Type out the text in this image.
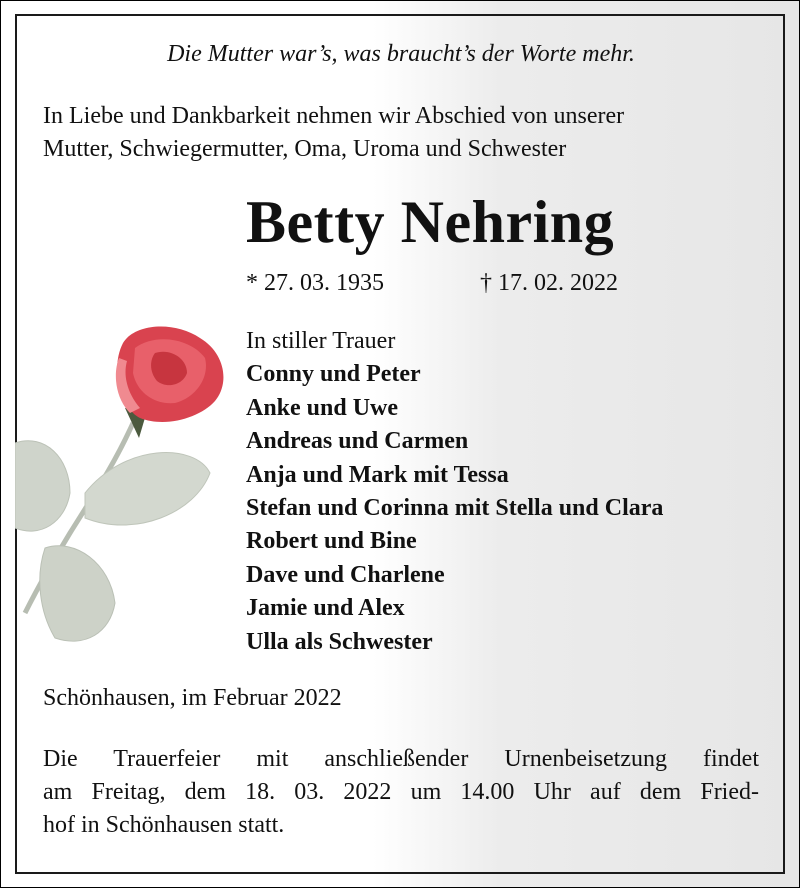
Die Mutter war’s, was braucht’s der Worte mehr.
In Liebe und Dankbarkeit nehmen wir Abschied von unserer
Mutter, Schwiegermutter, Oma, Uroma und Schwester
Betty Nehring
* 27. 03. 1935	† 17. 02. 2022
In stiller Trauer
Conny und Peter
Anke und Uwe
Andreas und Carmen
Anja und Mark mit Tessa
Stefan und Corinna mit Stella und Clara
Robert und Bine
Dave und Charlene
Jamie und Alex
Ulla als Schwester
Schönhausen, im Februar 2022
Die Trauerfeier mit anschließender Urnenbeisetzung findet
am Freitag, dem 18. 03. 2022 um 14.00 Uhr auf dem Fried-
hof in Schönhausen statt.
